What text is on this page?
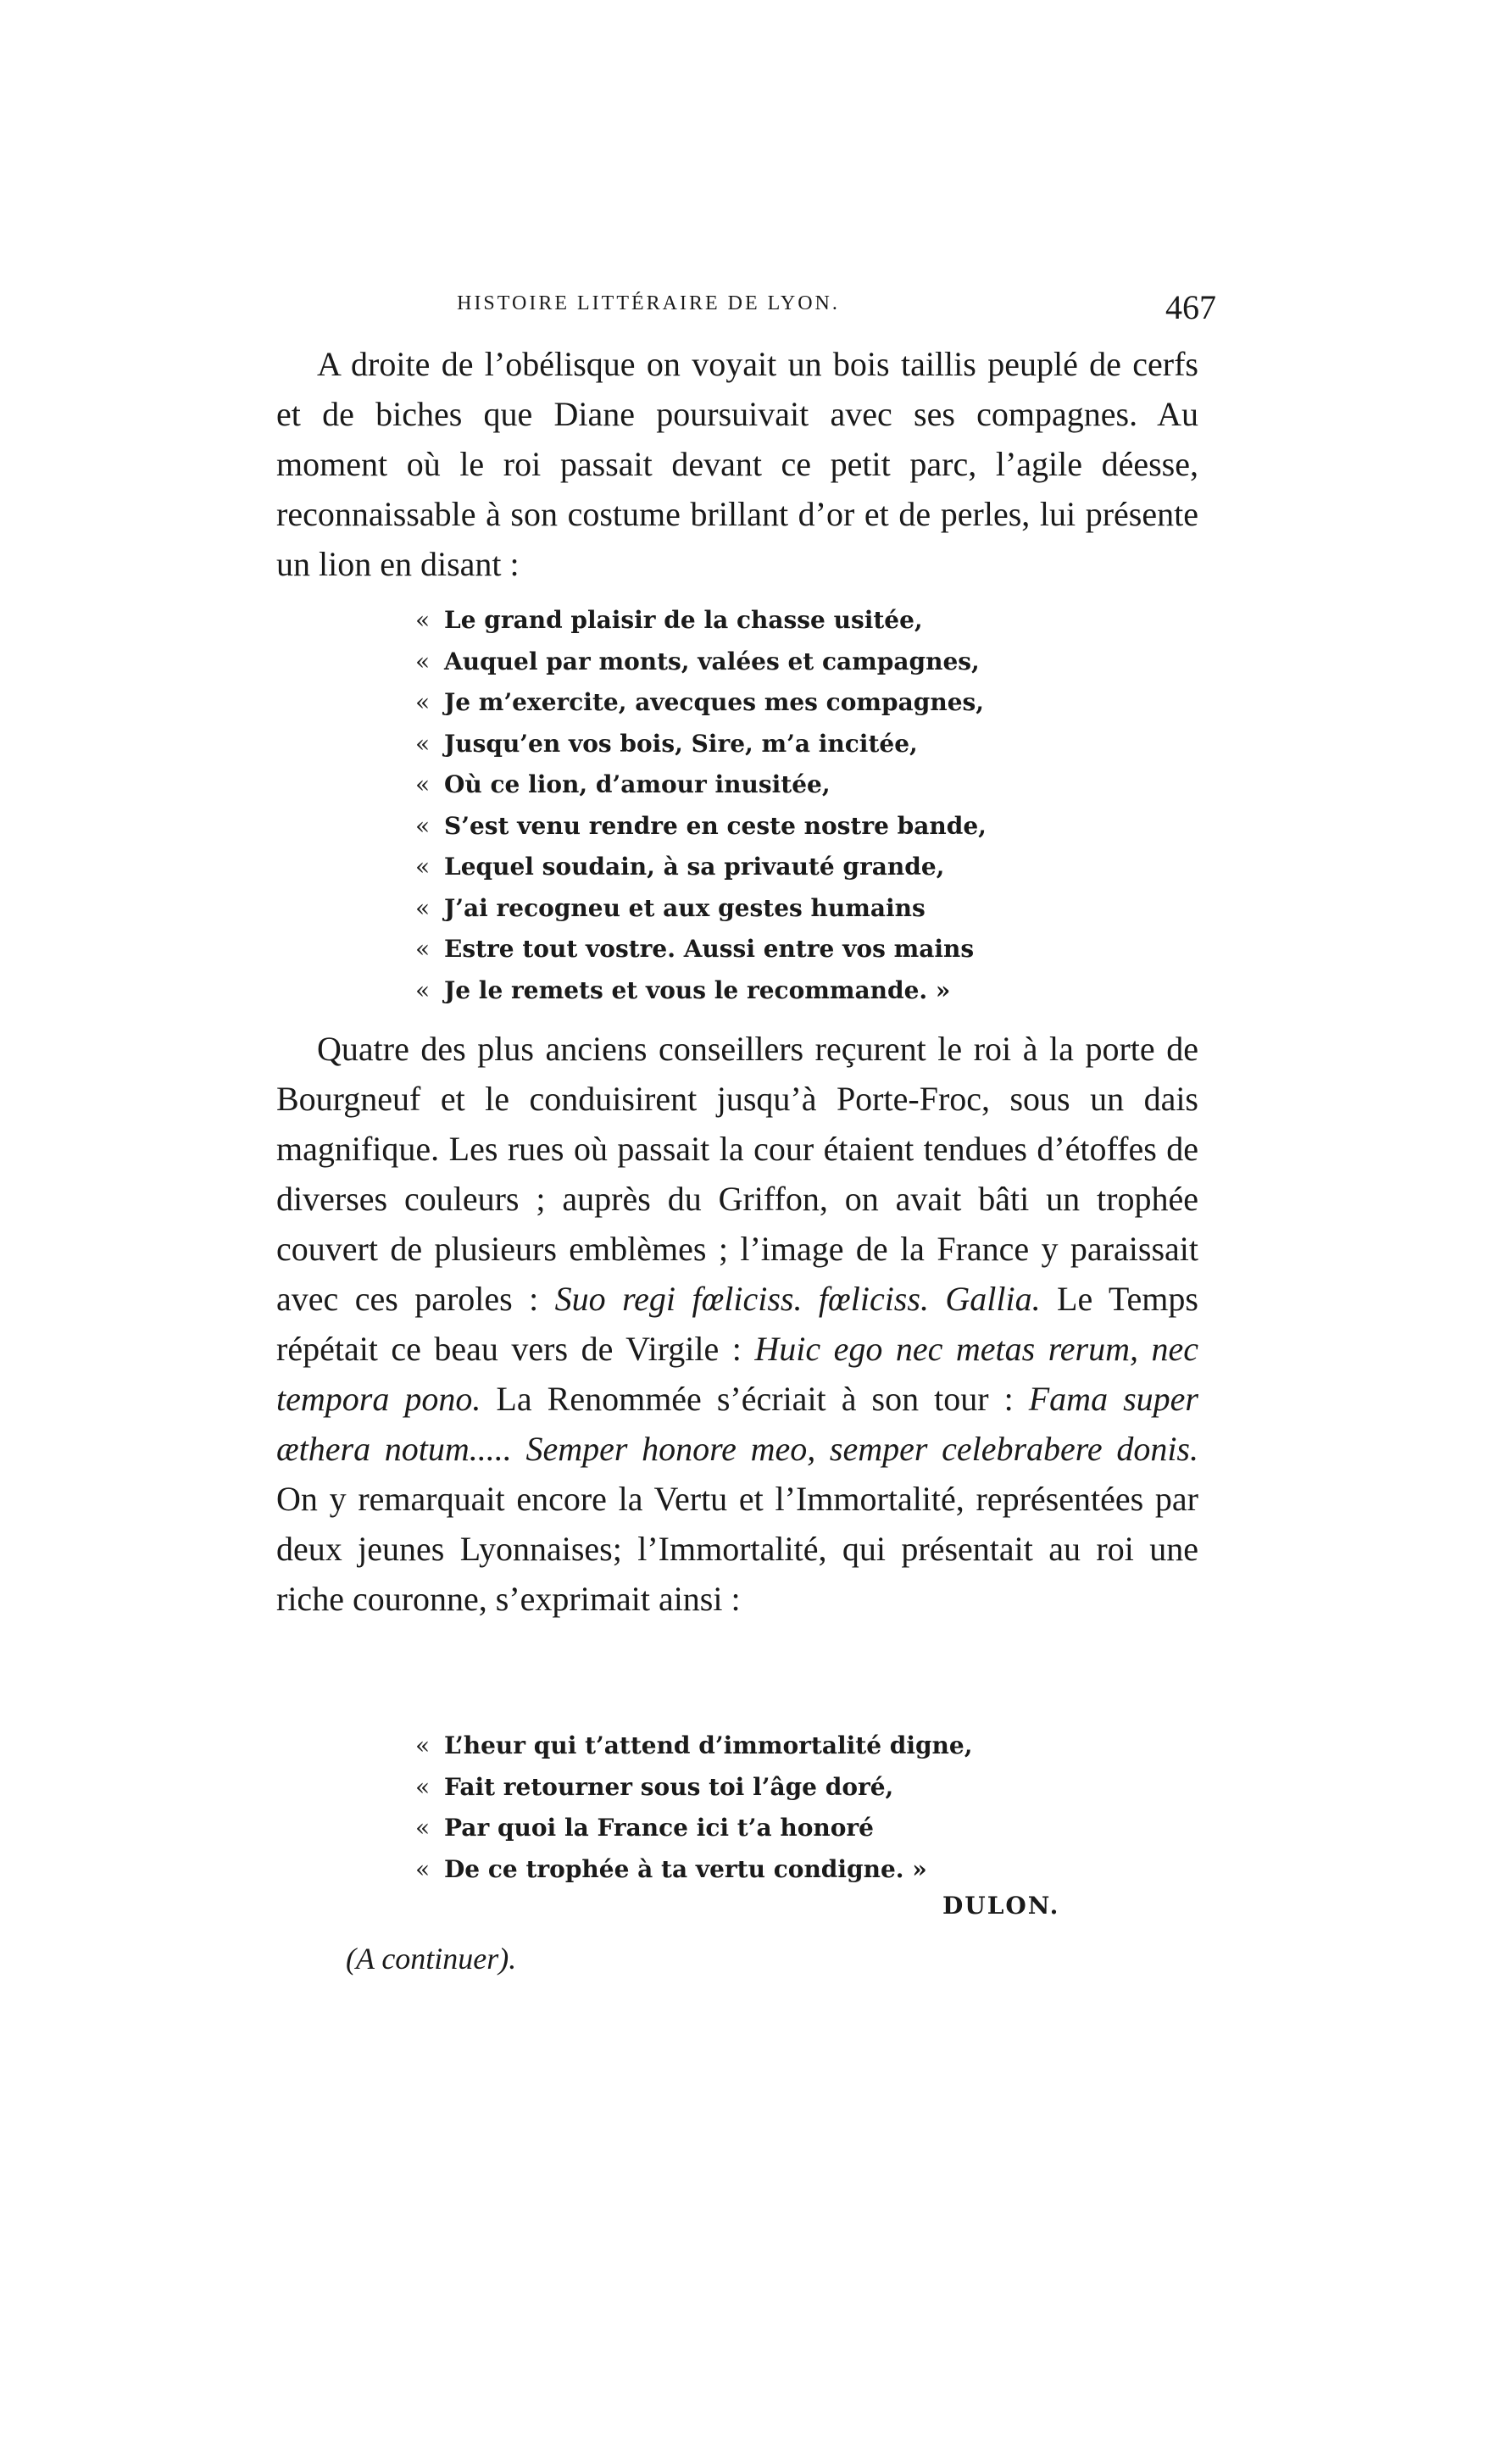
HISTOIRE LITTÉRAIRE DE LYON.	467
A droite de l’obélisque on voyait un bois taillis peuplé de cerfs et de biches que Diane poursuivait avec ses compagnes. Au moment où le roi passait devant ce petit parc, l’agile déesse, reconnaissable à son costume brillant d’or et de perles, lui présente un lion en disant :
« Le grand plaisir de la chasse usitée,
« Auquel par monts, valées et campagnes,
« Je m’exercite, avecques mes compagnes,
« Jusqu’en vos bois, Sire, m’a incitée,
« Où ce lion, d’amour inusitée,
« S’est venu rendre en ceste nostre bande,
« Lequel soudain, à sa privauté grande,
« J’ai recogneu et aux gestes humains
« Estre tout vostre. Aussi entre vos mains
« Je le remets et vous le recommande. »
Quatre des plus anciens conseillers reçurent le roi à la porte de Bourgneuf et le conduisirent jusqu’à Porte-Froc, sous un dais magnifique. Les rues où passait la cour étaient tendues d’étoffes de diverses couleurs ; auprès du Griffon, on avait bâti un trophée couvert de plusieurs emblèmes ; l’image de la France y paraissait avec ces paroles : Suo regi fœliciss. fœliciss. Gallia. Le Temps répétait ce beau vers de Virgile : Huic ego nec metas rerum, nec tempora pono. La Renommée s’écriait à son tour : Fama super æthera notum..... Semper honore meo, semper celebrabere donis. On y remarquait encore la Vertu et l’Immortalité, représentées par deux jeunes Lyonnaises; l’Immortalité, qui présentait au roi une riche couronne, s’exprimait ainsi :
« L’heur qui t’attend d’immortalité digne,
« Fait retourner sous toi l’âge doré,
« Par quoi la France ici t’a honoré
« De ce trophée à ta vertu condigne. »
DULON.
(A continuer).
